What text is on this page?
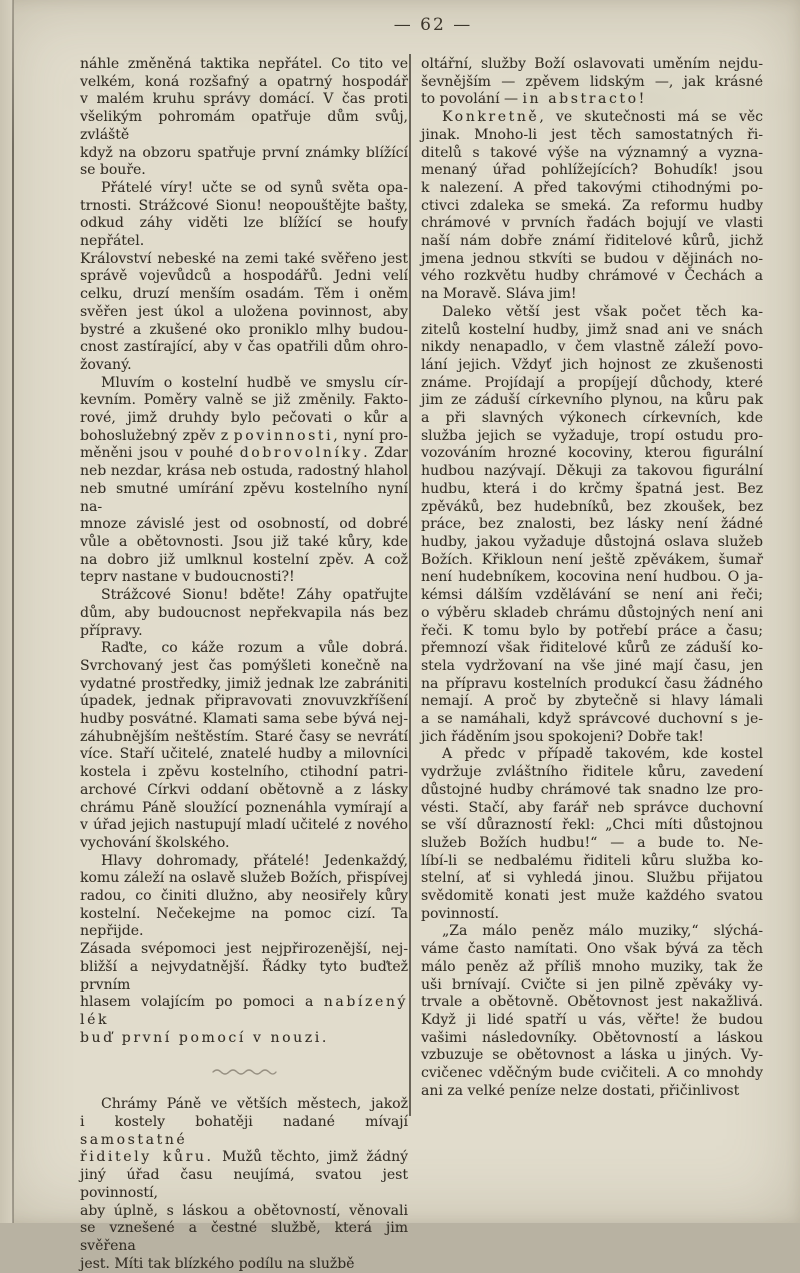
— 62 —

náhle změněná taktika nepřátel. Co tito ve
velkém, koná rozšafný a opatrný hospodář
v malém kruhu správy domácí. V čas proti
všelikým pohromám opatřuje dům svůj, zvláště
když na obzoru spatřuje první známky blížící
se bouře.

Přátelé víry! učte se od synů světa opa-
trnosti. Strážcové Sionu! neopouštějte bašty,
odkud záhy viděti lze blížící se houfy nepřátel.
Království nebeské na zemi také svěřeno jest
správě vojevůdců a hospodářů. Jedni velí
celku, druzí menším osadám. Těm i oněm
svěřen jest úkol a uložena povinnost, aby
bystré a zkušené oko proniklo mlhy budou-
cnost zastírající, aby v čas opatřili dům ohro-
žovaný.

Mluvím o kostelní hudbě ve smyslu cír-
kevním. Poměry valně se již změnily. Fakto-
rové, jimž druhdy bylo pečovati o kůr a
bohoslužebný zpěv z povinnosti, nyní pro-
měněni jsou v pouhé dobrovolníky. Zdar
neb nezdar, krása neb ostuda, radostný hlahol
neb smutné umírání zpěvu kostelního nyní na-
mnoze závislé jest od osobností, od dobré
vůle a obětovnosti. Jsou již také kůry, kde
na dobro již umlknul kostelní zpěv. A což
teprv nastane v budoucnosti?!

Strážcové Sionu! bděte! Záhy opatřujte
dům, aby budoucnost nepřekvapila nás bez
přípravy.

Raďte, co káže rozum a vůle dobrá.
Svrchovaný jest čas pomýšleti konečně na
vydatné prostředky, jimiž jednak lze zabrániti
úpadek, jednak připravovati znovuvzkříšení
hudby posvátné. Klamati sama sebe bývá nej-
záhubnějším neštěstím. Staré časy se nevrátí
více. Staří učitelé, znatelé hudby a milovníci
kostela i zpěvu kostelního, ctihodní patri-
archové Církvi oddaní obětovně a z lásky
chrámu Páně sloužící poznenáhla vymírají a
v úřad jejich nastupují mladí učitelé z nového
vychování školského.

Hlavy dohromady, přátelé! Jedenkaždý,
komu záleží na oslavě služeb Božích, přispívej
radou, co činiti dlužno, aby neosiřely kůry
kostelní. Nečekejme na pomoc cizí. Ta nepřijde.
Zásada svépomoci jest nejpřirozenější, nej-
bližší a nejvydatnější. Řádky tyto buďtež prvním
hlasem volajícím po pomoci a nabízený lék
buď první pomocí v nouzi.

Chrámy Páně ve větších městech, jakož
i kostely bohatěji nadané mívají samostatné
řiditely kůru. Mužů těchto, jimž žádný
jiný úřad času neujímá, svatou jest povinností,
aby úplně, s láskou a obětovností, věnovali
se vznešené a čestné službě, která jim svěřena
jest. Míti tak blízkého podílu na službě

oltářní, služby Boží oslavovati uměním nejdu-
ševnějším — zpěvem lidským —, jak krásné
to povolání — in abstracto!

Konkretně, ve skutečnosti má se věc
jinak. Mnoho-li jest těch samostatných ři-
ditelů s takové výše na významný a vyzna-
menaný úřad pohlížejících? Bohudík! jsou
k nalezení. A před takovými ctihodnými po-
ctivci zdaleka se smeká. Za reformu hudby
chrámové v prvních řadách bojují ve vlasti
naší nám dobře známí řiditelové kůrů, jichž
jmena jednou stkvíti se budou v dějinách no-
vého rozkvětu hudby chrámové v Čechách a
na Moravě. Sláva jim!

Daleko větší jest však počet těch ka-
zitelů kostelní hudby, jimž snad ani ve snách
nikdy nenapadlo, v čem vlastně záleží povo-
lání jejich. Vždyť jich hojnost ze zkušenosti
známe. Projídají a propíjejí důchody, které
jim ze záduší církevního plynou, na kůru pak
a při slavných výkonech církevních, kde
služba jejich se vyžaduje, tropí ostudu pro-
vozováním hrozné kocoviny, kterou figurální
hudbou nazývají. Děkuji za takovou figurální
hudbu, která i do krčmy špatná jest. Bez
zpěváků, bez hudebníků, bez zkoušek, bez
práce, bez znalosti, bez lásky není žádné
hudby, jakou vyžaduje důstojná oslava služeb
Božích. Křikloun není ještě zpěvákem, šumař
není hudebníkem, kocovina není hudbou. O ja-
kémsi dálším vzdělávání se není ani řeči;
o výběru skladeb chrámu důstojných není ani
řeči. K tomu bylo by potřebí práce a času;
přemnozí však řiditelové kůrů ze záduší ko-
stela vydržovaní na vše jiné mají času, jen
na přípravu kostelních produkcí času žádného
nemají. A proč by zbytečně si hlavy lámali
a se namáhali, když správcové duchovní s je-
jich řáděním jsou spokojeni? Dobře tak!

A předc v případě takovém, kde kostel
vydržuje zvláštního řiditele kůru, zavedení
důstojné hudby chrámové tak snadno lze pro-
vésti. Stačí, aby farář neb správce duchovní
se vší důrazností řekl: „Chci míti důstojnou
služeb Božích hudbu!“ — a bude to. Ne-
líbí-li se nedbalému řiditeli kůru služba ko-
stelní, ať si vyhledá jinou. Službu přijatou
svědomitě konati jest muže každého svatou
povinností.

„Za málo peněz málo muziky,“ slýchá-
váme často namítati. Ono však bývá za těch
málo peněz až příliš mnoho muziky, tak že
uši brnívají. Cvičte si jen pilně zpěváky vy-
trvale a obětovně. Obětovnost jest nakažlivá.
Když ji lidé spatří u vás, věřte! že budou
vašimi následovníky. Obětovností a láskou
vzbuzuje se obětovnost a láska u jiných. Vy-
cvičenec vděčným bude cvičiteli. A co mnohdy
ani za velké peníze nelze dostati, přičinlivost
